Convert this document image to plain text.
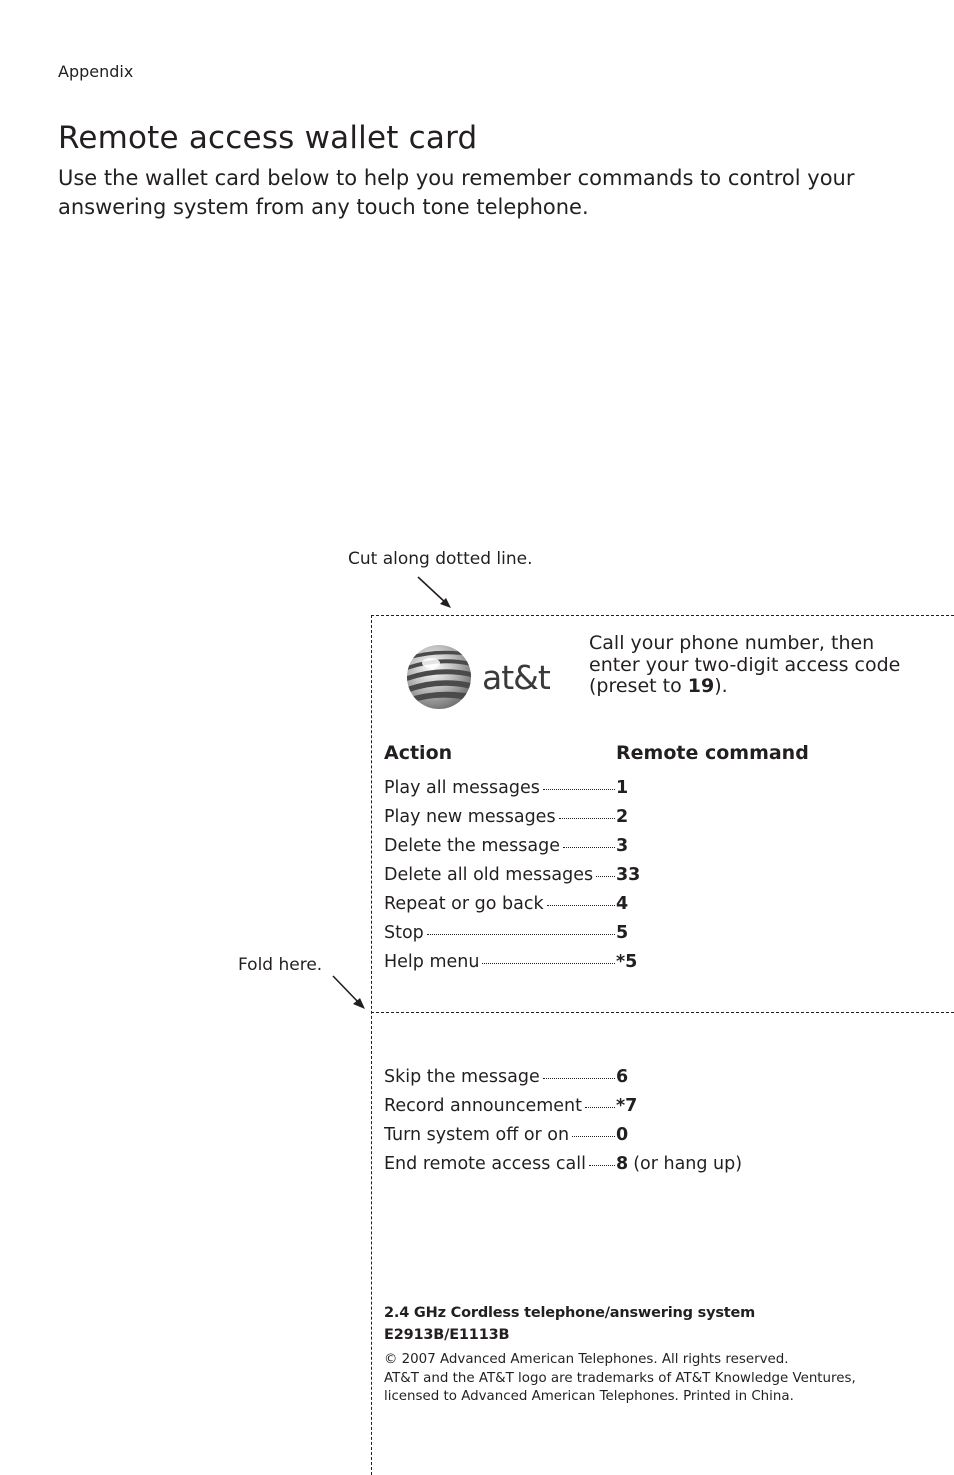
Appendix
Remote access wallet card
Use the wallet card below to help you remember commands to control your answering system from any touch tone telephone.
Cut along dotted line.
Fold here.
at&t
Call your phone number, then enter your two-digit access code (preset to 19).
Action	Remote command
Play all messages	1
Play new messages	2
Delete the message	3
Delete all old messages 33
Repeat or go back	4
Stop	5
Help menu	*5
Skip the message	6
Record announcement *7
Turn system off or on	0
End remote access call 8 (or hang up)
2.4 GHz Cordless telephone/answering system
E2913B/E1113B
© 2007 Advanced American Telephones. All rights reserved.
AT&T and the AT&T logo are trademarks of AT&T Knowledge Ventures, licensed to Advanced American Telephones. Printed in China.
